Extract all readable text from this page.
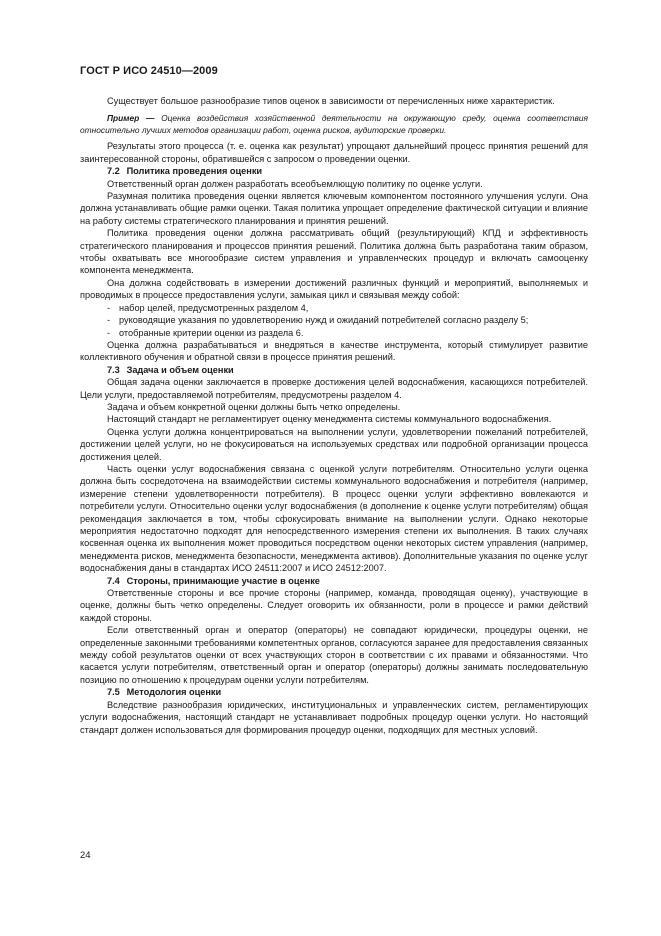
ГОСТ Р ИСО 24510—2009

Существует большое разнообразие типов оценок в зависимости от перечисленных ниже характеристик.

Пример — Оценка воздействия хозяйственной деятельности на окружающую среду, оценка соответствия относительно лучших методов организации работ, оценка рисков, аудиторские проверки.

Результаты этого процесса (т. е. оценка как результат) упрощают дальнейший процесс принятия решений для заинтересованной стороны, обратившейся с запросом о проведении оценки.

7.2 Политика проведения оценки

Ответственный орган должен разработать всеобъемлющую политику по оценке услуги.

Разумная политика проведения оценки является ключевым компонентом постоянного улучшения услуги. Она должна устанавливать общие рамки оценки. Такая политика упрощает определение фактической ситуации и влияние на работу системы стратегического планирования и принятия решений.

Политика проведения оценки должна рассматривать общий (результирующий) КПД и эффективность стратегического планирования и процессов принятия решений. Политика должна быть разработана таким образом, чтобы охватывать все многообразие систем управления и управленческих процедур и включать самооценку компонента менеджмента.

Она должна содействовать в измерении достижений различных функций и мероприятий, выполняемых и проводимых в процессе предоставления услуги, замыкая цикл и связывая между собой:

- набор целей, предусмотренных разделом 4,
- руководящие указания по удовлетворению нужд и ожиданий потребителей согласно разделу 5;
- отобранные критерии оценки из раздела 6.

Оценка должна разрабатываться и внедряться в качестве инструмента, который стимулирует развитие коллективного обучения и обратной связи в процессе принятия решений.

7.3 Задача и объем оценки

Общая задача оценки заключается в проверке достижения целей водоснабжения, касающихся потребителей. Цели услуги, предоставляемой потребителям, предусмотрены разделом 4.

Задача и объем конкретной оценки должны быть четко определены.

Настоящий стандарт не регламентирует оценку менеджмента системы коммунального водоснабжения.

Оценка услуги должна концентрироваться на выполнении услуги, удовлетворении пожеланий потребителей, достижении целей услуги, но не фокусироваться на используемых средствах или подробной организации процесса достижения целей.

Часть оценки услуг водоснабжения связана с оценкой услуги потребителям. Относительно услуги оценка должна быть сосредоточена на взаимодействии системы коммунального водоснабжения и потребителя (например, измерение степени удовлетворенности потребителя). В процесс оценки услуги эффективно вовлекаются и потребители услуги. Относительно оценки услуг водоснабжения (в дополнение к оценке услуги потребителям) общая рекомендация заключается в том, чтобы сфокусировать внимание на выполнении услуги. Однако некоторые мероприятия недостаточно подходят для непосредственного измерения степени их выполнения. В таких случаях косвенная оценка их выполнения может проводиться посредством оценки некоторых систем управления (например, менеджмента рисков, менеджмента безопасности, менеджмента активов). Дополнительные указания по оценке услуг водоснабжения даны в стандартах ИСО 24511:2007 и ИСО 24512:2007.

7.4 Стороны, принимающие участие в оценке

Ответственные стороны и все прочие стороны (например, команда, проводящая оценку), участвующие в оценке, должны быть четко определены. Следует оговорить их обязанности, роли в процессе и рамки действий каждой стороны.

Если ответственный орган и оператор (операторы) не совпадают юридически, процедуры оценки, не определенные законными требованиями компетентных органов, согласуются заранее для предоставления связанных между собой результатов оценки от всех участвующих сторон в соответствии с их правами и обязанностями. Что касается услуги потребителям, ответственный орган и оператор (операторы) должны занимать последовательную позицию по отношению к процедурам оценки услуги потребителям.

7.5 Методология оценки

Вследствие разнообразия юридических, институциональных и управленческих систем, регламентирующих услуги водоснабжения, настоящий стандарт не устанавливает подробных процедур оценки услуги. Но настоящий стандарт должен использоваться для формирования процедур оценки, подходящих для местных условий.

24
